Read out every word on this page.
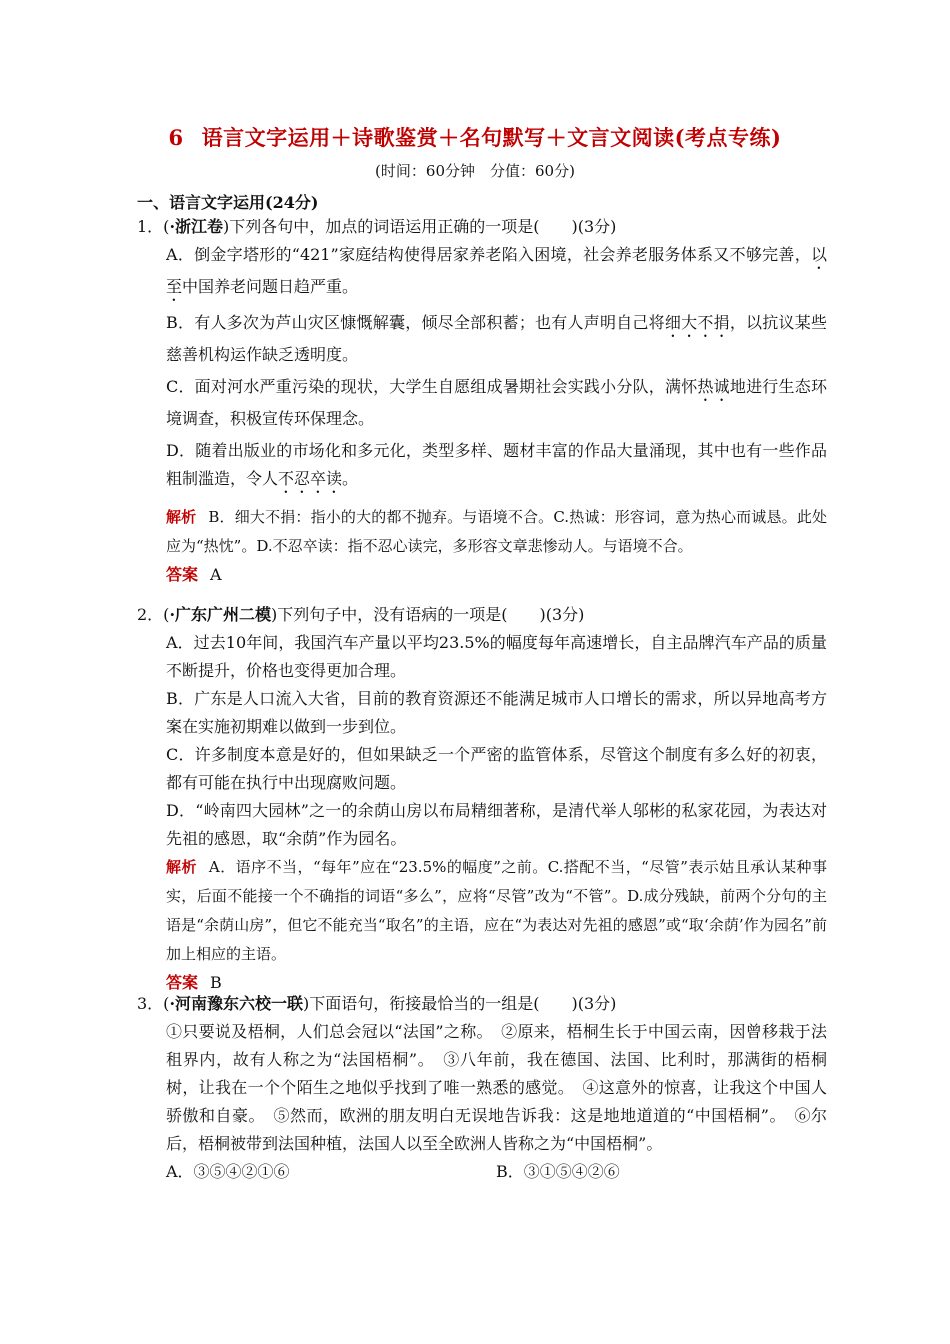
6 语言文字运用＋诗歌鉴赏＋名句默写＋文言文阅读(考点专练)
(时间：60分钟　分值：60分)
一、语言文字运用(24分)
1．(·浙江卷)下列各句中，加点的词语运用正确的一项是(　　)(3分)
A．倒金字塔形的“421”家庭结构使得居家养老陷入困境，社会养老服务体系又不够完善，以至中国养老问题日趋严重。
B．有人多次为芦山灾区慷慨解囊，倾尽全部积蓄；也有人声明自己将细大不捐，以抗议某些慈善机构运作缺乏透明度。
C．面对河水严重污染的现状，大学生自愿组成暑期社会实践小分队，满怀热诚地进行生态环境调查，积极宣传环保理念。
D．随着出版业的市场化和多元化，类型多样、题材丰富的作品大量涌现，其中也有一些作品粗制滥造，令人不忍卒读。
解析 B．细大不捐：指小的大的都不抛弃。与语境不合。C.热诚：形容词，意为热心而诚恳。此处应为“热忱”。D.不忍卒读：指不忍心读完，多形容文章悲惨动人。与语境不合。
答案 A
2．(·广东广州二模)下列句子中，没有语病的一项是(　　)(3分)
A．过去10年间，我国汽车产量以平均23.5%的幅度每年高速增长，自主品牌汽车产品的质量不断提升，价格也变得更加合理。
B．广东是人口流入大省，目前的教育资源还不能满足城市人口增长的需求，所以异地高考方案在实施初期难以做到一步到位。
C．许多制度本意是好的，但如果缺乏一个严密的监管体系，尽管这个制度有多么好的初衷，都有可能在执行中出现腐败问题。
D．“岭南四大园林”之一的余荫山房以布局精细著称，是清代举人邬彬的私家花园，为表达对先祖的感恩，取“余荫”作为园名。
解析 A．语序不当，“每年”应在“23.5%的幅度”之前。C.搭配不当，“尽管”表示姑且承认某种事实，后面不能接一个不确指的词语“多么”，应将“尽管”改为“不管”。D.成分残缺，前两个分句的主语是“余荫山房”，但它不能充当“取名”的主语，应在“为表达对先祖的感恩”或“取‘余荫’作为园名”前加上相应的主语。
答案 B
3．(·河南豫东六校一联)下面语句，衔接最恰当的一组是(　　)(3分)
①只要说及梧桐，人们总会冠以“法国”之称。　②原来，梧桐生长于中国云南，因曾移栽于法租界内，故有人称之为“法国梧桐”。　③八年前，我在德国、法国、比利时，那满街的梧桐树，让我在一个个陌生之地似乎找到了唯一熟悉的感觉。　④这意外的惊喜，让我这个中国人骄傲和自豪。　⑤然而，欧洲的朋友明白无误地告诉我：这是地地道道的“中国梧桐”。　⑥尔后，梧桐被带到法国种植，法国人以至全欧洲人皆称之为“中国梧桐”。
A．③⑤④②①⑥	B．③①⑤④②⑥
